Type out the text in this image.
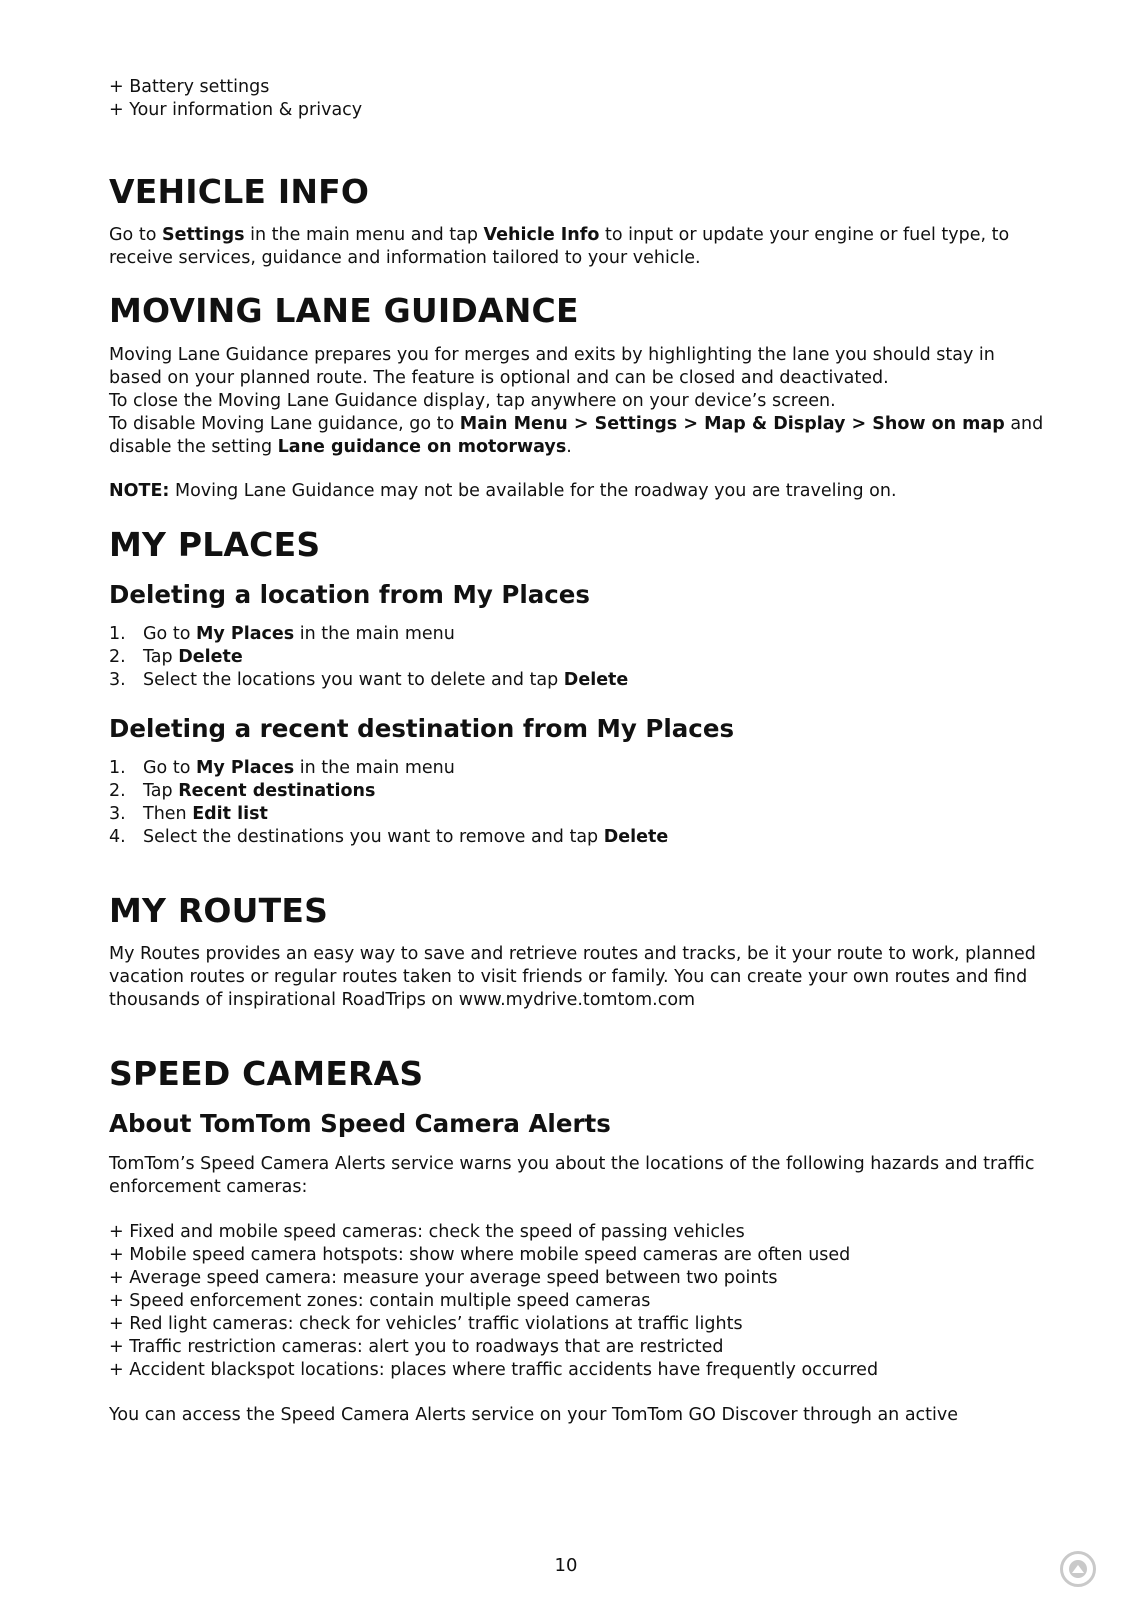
+ Battery settings
+ Your information & privacy
VEHICLE INFO

Go to Settings in the main menu and tap Vehicle Info to input or update your engine or fuel type, to receive services, guidance and information tailored to your vehicle.

MOVING LANE GUIDANCE

Moving Lane Guidance prepares you for merges and exits by highlighting the lane you should stay in based on your planned route. The feature is optional and can be closed and deactivated.

To close the Moving Lane Guidance display, tap anywhere on your device’s screen.

To disable Moving Lane guidance, go to Main Menu > Settings > Map & Display > Show on map and disable the setting Lane guidance on motorways.

NOTE: Moving Lane Guidance may not be available for the roadway you are traveling on.

MY PLACES
Deleting a location from My Places
1. Go to My Places in the main menu
2. Tap Delete
3. Select the locations you want to delete and tap Delete
Deleting a recent destination from My Places
1. Go to My Places in the main menu
2. Tap Recent destinations
3. Then Edit list
4. Select the destinations you want to remove and tap Delete
MY ROUTES

My Routes provides an easy way to save and retrieve routes and tracks, be it your route to work, planned vacation routes or regular routes taken to visit friends or family. You can create your own routes and find thousands of inspirational RoadTrips on www.mydrive.tomtom.com

SPEED CAMERAS
About TomTom Speed Camera Alerts

TomTom’s Speed Camera Alerts service warns you about the locations of the following hazards and traffic enforcement cameras:

+ Fixed and mobile speed cameras: check the speed of passing vehicles
+ Mobile speed camera hotspots: show where mobile speed cameras are often used
+ Average speed camera: measure your average speed between two points
+ Speed enforcement zones: contain multiple speed cameras
+ Red light cameras: check for vehicles’ traffic violations at traffic lights
+ Traffic restriction cameras: alert you to roadways that are restricted
+ Accident blackspot locations: places where traffic accidents have frequently occurred

You can access the Speed Camera Alerts service on your TomTom GO Discover through an active

10
